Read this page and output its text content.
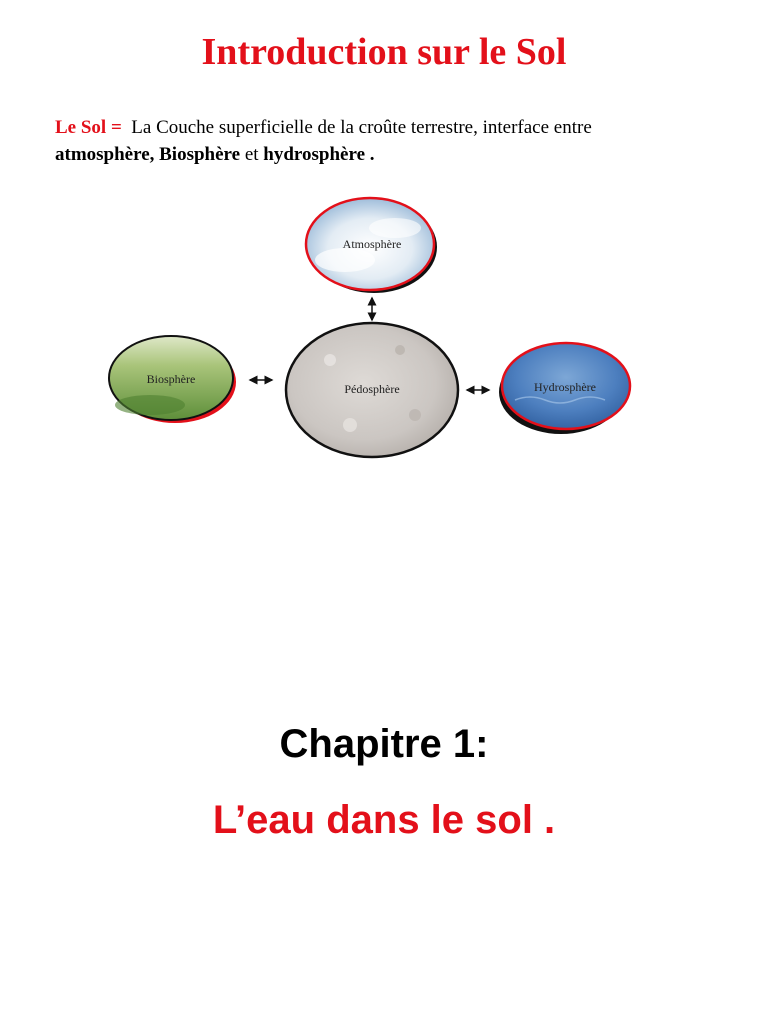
Introduction sur le Sol
Le Sol = La Couche superficielle de la croûte terrestre, interface entre
atmosphère, Biosphère et hydrosphère .
Atmosphère
Biosphère
Pédosphère	Hydrosphère
Chapitre 1:
L’eau dans le sol .
